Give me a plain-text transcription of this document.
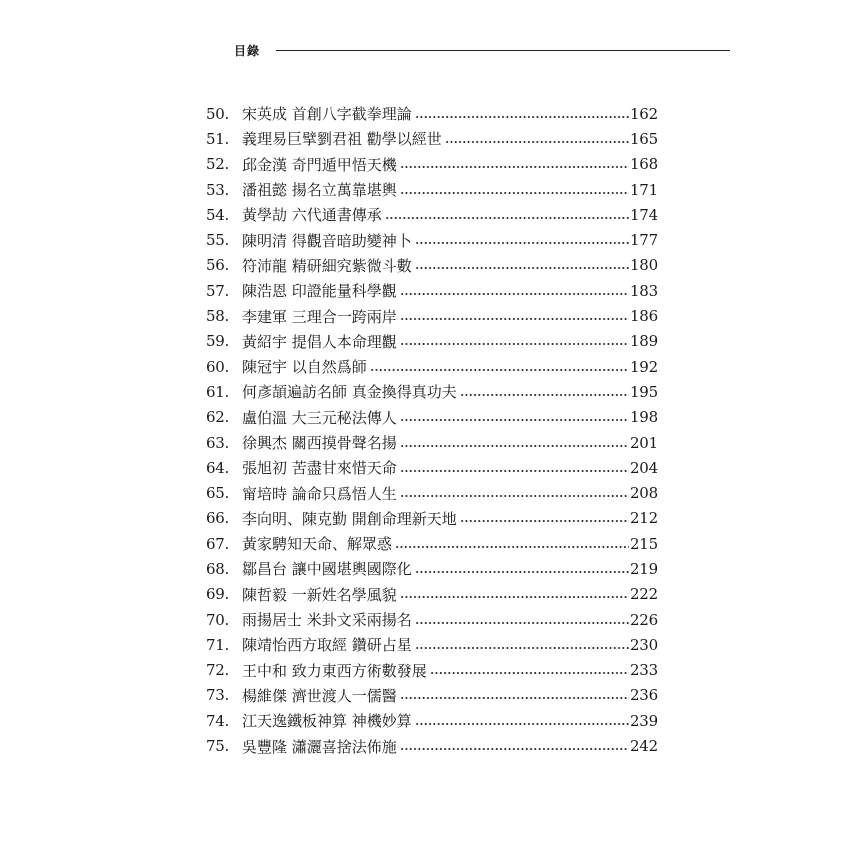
目錄
50. 宋英成 首創八字截拳理論	162
51. 義理易巨擘劉君祖 勸學以經世	165
52. 邱金漢 奇門遁甲悟天機	168
53. 潘祖懿 揚名立萬靠堪輿	171
54. 黃學劼 六代通書傳承	174
55. 陳明清 得觀音暗助變神卜	177
56. 符沛龍 精研細究紫微斗數	180
57. 陳浩恩 印證能量科學觀	183
58. 李建軍 三理合一跨兩岸	186
59. 黃紹宇 提倡人本命理觀	189
60. 陳冠宇 以自然爲師	192
61. 何彥頡遍訪名師 真金換得真功夫	195
62. 盧伯溫 大三元秘法傳人	198
63. 徐興杰 關西摸骨聲名揚	201
64. 張旭初 苦盡甘來惜天命	204
65. 甯培時 論命只爲悟人生	208
66. 李向明、陳克勤 開創命理新天地	212
67. 黃家騁知天命、解眾惑	215
68. 鄒昌台 讓中國堪輿國際化	219
69. 陳哲毅 一新姓名學風貌	222
70. 雨揚居士 米卦文采兩揚名	226
71. 陳靖怡西方取經 鑽研占星	230
72. 王中和 致力東西方術數發展	233
73. 楊維傑 濟世渡人一儒醫	236
74. 江天逸鐵板神算 神機妙算	239
75. 吳豐隆 瀟灑喜捨法佈施	242
